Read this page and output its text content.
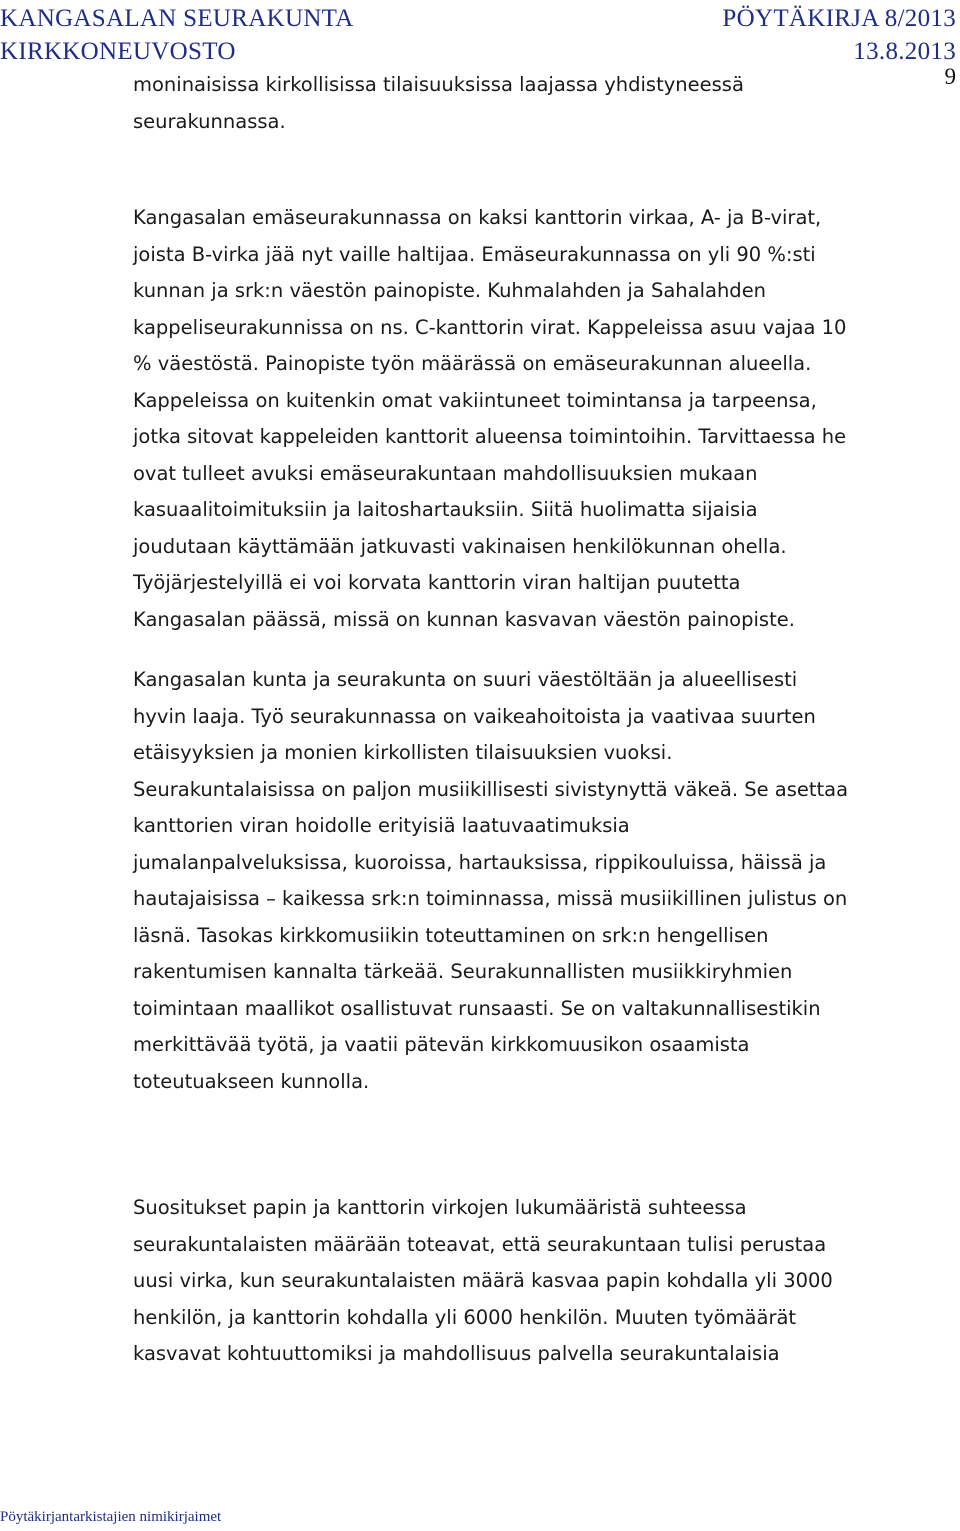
KANGASALAN SEURAKUNTA
KIRKKONEUVOSTO
PÖYTÄKIRJA 8/2013
13.8.2013
9
moninaisissa kirkollisissa tilaisuuksissa laajassa yhdistyneessä
seurakunnassa.
Kangasalan emäseurakunnassa on kaksi kanttorin virkaa, A- ja B-virat,
joista B-virka jää nyt vaille haltijaa. Emäseurakunnassa on yli 90 %:sti
kunnan ja srk:n väestön painopiste. Kuhmalahden ja Sahalahden
kappeliseurakunnissa on ns. C-kanttorin virat. Kappeleissa asuu vajaa 10
% väestöstä. Painopiste työn määrässä on emäseurakunnan alueella.
Kappeleissa on kuitenkin omat vakiintuneet toimintansa ja tarpeensa,
jotka sitovat kappeleiden kanttorit alueensa toimintoihin. Tarvittaessa he
ovat tulleet avuksi emäseurakuntaan mahdollisuuksien mukaan
kasuaalitoimituksiin ja laitoshartauksiin. Siitä huolimatta sijaisia
joudutaan käyttämään jatkuvasti vakinaisen henkilökunnan ohella.
Työjärjestelyillä ei voi korvata kanttorin viran haltijan puutetta
Kangasalan päässä, missä on kunnan kasvavan väestön painopiste.
Kangasalan kunta ja seurakunta on suuri väestöltään ja alueellisesti
hyvin laaja. Työ seurakunnassa on vaikeahoitoista ja vaativaa suurten
etäisyyksien ja monien kirkollisten tilaisuuksien vuoksi.
Seurakuntalaisissa on paljon musiikillisesti sivistynyttä väkeä. Se asettaa
kanttorien viran hoidolle erityisiä laatuvaatimuksia
jumalanpalveluksissa, kuoroissa, hartauksissa, rippikouluissa, häissä ja
hautajaisissa – kaikessa srk:n toiminnassa, missä musiikillinen julistus on
läsnä. Tasokas kirkkomusiikin toteuttaminen on srk:n hengellisen
rakentumisen kannalta tärkeää. Seurakunnallisten musiikkiryhmien
toimintaan maallikot osallistuvat runsaasti. Se on valtakunnallisestikin
merkittävää työtä, ja vaatii pätevän kirkkomuusikon osaamista
toteutuakseen kunnolla.
Suositukset papin ja kanttorin virkojen lukumääristä suhteessa
seurakuntalaisten määrään toteavat, että seurakuntaan tulisi perustaa
uusi virka, kun seurakuntalaisten määrä kasvaa papin kohdalla yli 3000
henkilön, ja kanttorin kohdalla yli 6000 henkilön. Muuten työmäärät
kasvavat kohtuuttomiksi ja mahdollisuus palvella seurakuntalaisia
Pöytäkirjantarkistajien nimikirjaimet
